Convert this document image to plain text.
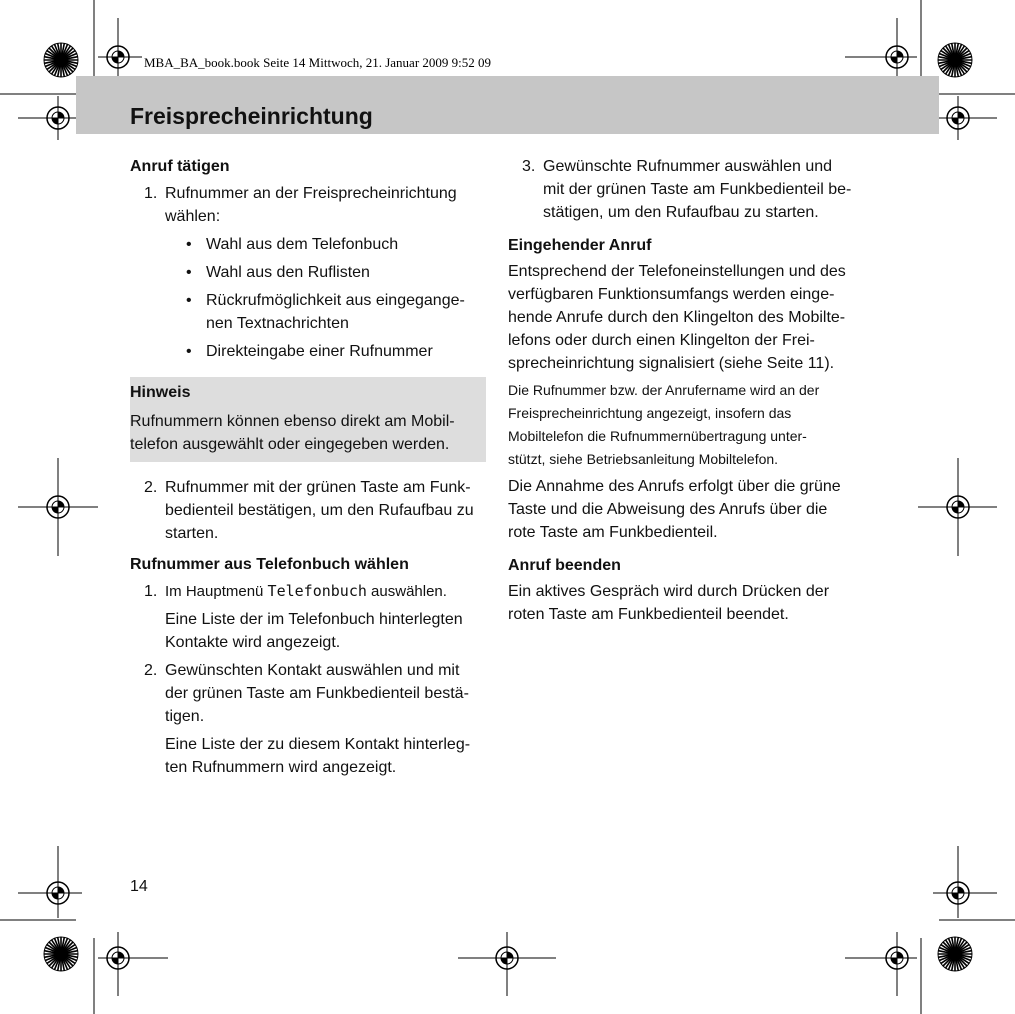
MBA_BA_book.book Seite 14 Mittwoch, 21. Januar 2009 9:52 09
Freisprecheinrichtung

Anruf tätigen

1. Rufnummer an der Freisprecheinrichtung
wählen:
• Wahl aus dem Telefonbuch
• Wahl aus den Ruflisten
• Rückrufmöglichkeit aus eingegange-
nen Textnachrichten
• Direkteingabe einer Rufnummer
Hinweis
Rufnummern können ebenso direkt am Mobil-
telefon ausgewählt oder eingegeben werden.
2. Rufnummer mit der grünen Taste am Funk-
bedienteil bestätigen, um den Rufaufbau zu
starten.

Rufnummer aus Telefonbuch wählen

1. Im Hauptmenü Telefonbuch auswählen.
Eine Liste der im Telefonbuch hinterlegten
Kontakte wird angezeigt.
2. Gewünschten Kontakt auswählen und mit
der grünen Taste am Funkbedienteil bestä-
tigen.
Eine Liste der zu diesem Kontakt hinterleg-
ten Rufnummern wird angezeigt.
3. Gewünschte Rufnummer auswählen und
mit der grünen Taste am Funkbedienteil be-
stätigen, um den Rufaufbau zu starten.

Eingehender Anruf

Entsprechend der Telefoneinstellungen und des
verfügbaren Funktionsumfangs werden einge-
hende Anrufe durch den Klingelton des Mobilte-
lefons oder durch einen Klingelton der Frei-
sprecheinrichtung signalisiert (siehe Seite 11).
Die Rufnummer bzw. der Anrufername wird an der
Freisprecheinrichtung angezeigt, insofern das
Mobiltelefon die Rufnummernübertragung unter-
stützt, siehe Betriebsanleitung Mobiltelefon.
Die Annahme des Anrufs erfolgt über die grüne
Taste und die Abweisung des Anrufs über die
rote Taste am Funkbedienteil.

Anruf beenden

Ein aktives Gespräch wird durch Drücken der
roten Taste am Funkbedienteil beendet.
14
